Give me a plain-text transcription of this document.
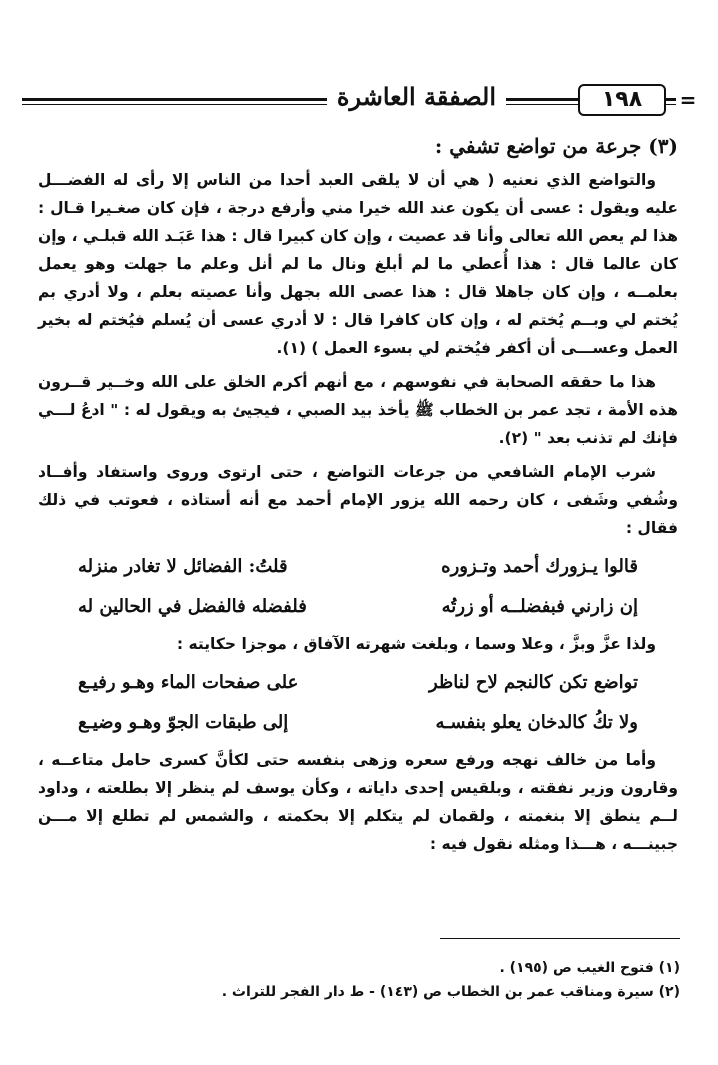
=
١٩٨
الصفقة العاشرة
(٣) جرعة من تواضع تشفي :

والتواضع الذي نعنيه ( هي أن لا يلقى العبد أحدا من الناس إلا رأى له الفضـــل عليه ويقول : عسى أن يكون عند الله خيرا مني وأرفع درجة ، فإن كان صغـيرا قـال : هذا لم يعص الله تعالى وأنا قد عصيت ، وإن كان كبيرا قال : هذا عَبَـد الله قبلـي ، وإن كان عالما قال : هذا أُعطي ما لم أبلغ ونال ما لم أنل وعلم ما جهلت وهو يعمل بعلمــه ، وإن كان جاهلا قال : هذا عصى الله بجهل وأنا عصيته بعلم ، ولا أدري بم يُختم لي وبــم يُختم له ، وإن كان كافرا قال : لا أدري عسى أن يُسلم فيُختم له بخير العمل وعســـى أن أكفر فيُختم لي بسوء العمل ) (١).

هذا ما حققه الصحابة في نفوسهم ، مع أنهم أكرم الخلق على الله وخــير قــرون هذه الأمة ، تجد عمر بن الخطاب ﷺ يأخذ بيد الصبي ، فيجيئ به ويقول له : " ادعُ لـــي فإنك لم تذنب بعد " (٢).

شرب الإمام الشافعي من جرعات التواضع ، حتى ارتوى وروى واستفاد وأفــاد وشُفي وشَفى ، كان رحمه الله يزور الإمام أحمد مع أنه أستاذه ، فعوتب في ذلك فقال :

قالوا يـزورك أحمد وتـزوره
قلتُ: الفضائل لا تغادر منزله
إن زارني فبفضلــه أو زرتُه
فلفضله فالفضل في الحالين له

ولذا عزَّ وبزَّ ، وعلا وسما ، وبلغت شهرته الآفاق ، موجزا حكايته :

تواضع تكن كالنجم لاح لناظر
على صفحات الماء وهـو رفيـع
ولا تكُ كالدخان يعلو بنفسـه
إلى طبقات الجوّ وهـو وضيـع

وأما من خالف نهجه ورفع سعره وزهى بنفسه حتى لكأنَّ كسرى حامل متاعــه ، وقارون وزير نفقته ، وبلقيس إحدى داياته ، وكأن يوسف لم ينظر إلا بطلعته ، وداود لــم ينطق إلا بنغمته ، ولقمان لم يتكلم إلا بحكمته ، والشمس لم تطلع إلا مـــن جبينـــه ، هـــذا ومثله نقول فيه :

(١) فتوح الغيب ص (١٩٥) .

(٢) سيرة ومناقب عمر بن الخطاب ص (١٤٣) - ط دار الفجر للتراث .
